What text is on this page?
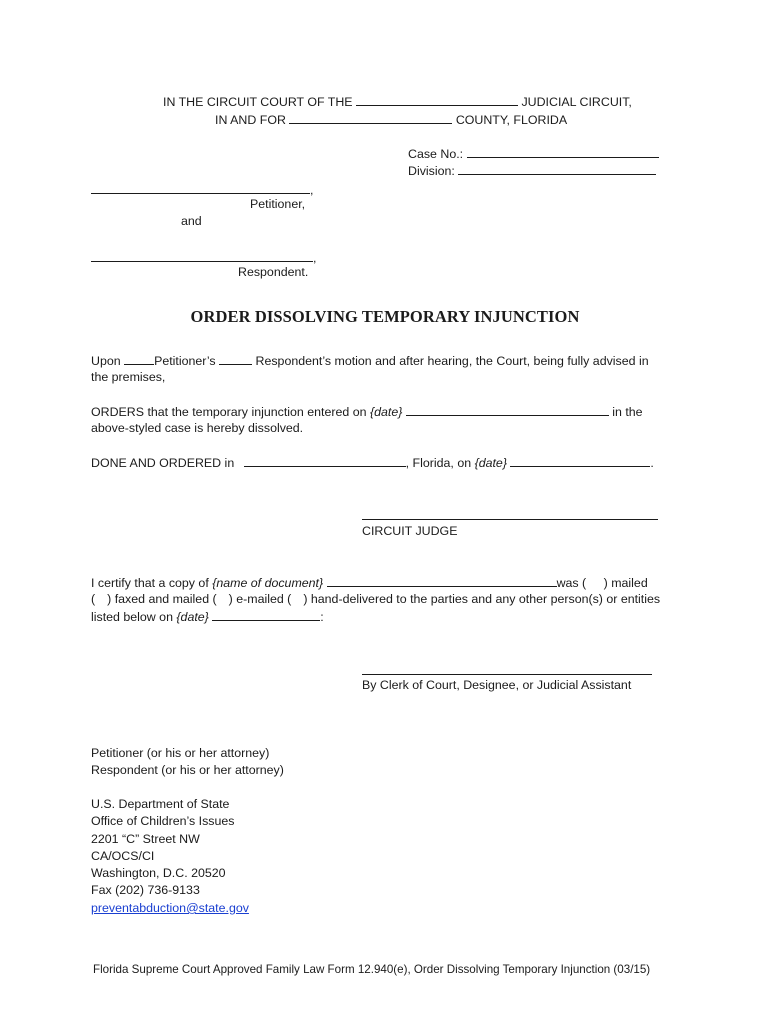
IN THE CIRCUIT COURT OF THE	JUDICIAL CIRCUIT,
IN AND FOR	COUNTY, FLORIDA
Case No.:
Division:
,
Petitioner,
and
,
Respondent.
ORDER DISSOLVING TEMPORARY INJUNCTION
Upon	Petitioner’s	Respondent’s motion and after hearing, the Court, being fully advised in
the premises,
ORDERS that the temporary injunction entered on {date}	in the
above-styled case is hereby dissolved.
DONE AND ORDERED in	, Florida, on {date}	.
CIRCUIT JUDGE
I certify that a copy of {name of document}	was ( ) mailed
( ) faxed and mailed ( ) e-mailed ( ) hand-delivered to the parties and any other person(s) or entities
listed below on {date}	:
By Clerk of Court, Designee, or Judicial Assistant
Petitioner (or his or her attorney)
Respondent (or his or her attorney)
U.S. Department of State
Office of Children’s Issues
2201 “C” Street NW
CA/OCS/CI
Washington, D.C. 20520
Fax (202) 736-9133
preventabduction@state.gov
Florida Supreme Court Approved Family Law Form 12.940(e), Order Dissolving Temporary Injunction (03/15)
